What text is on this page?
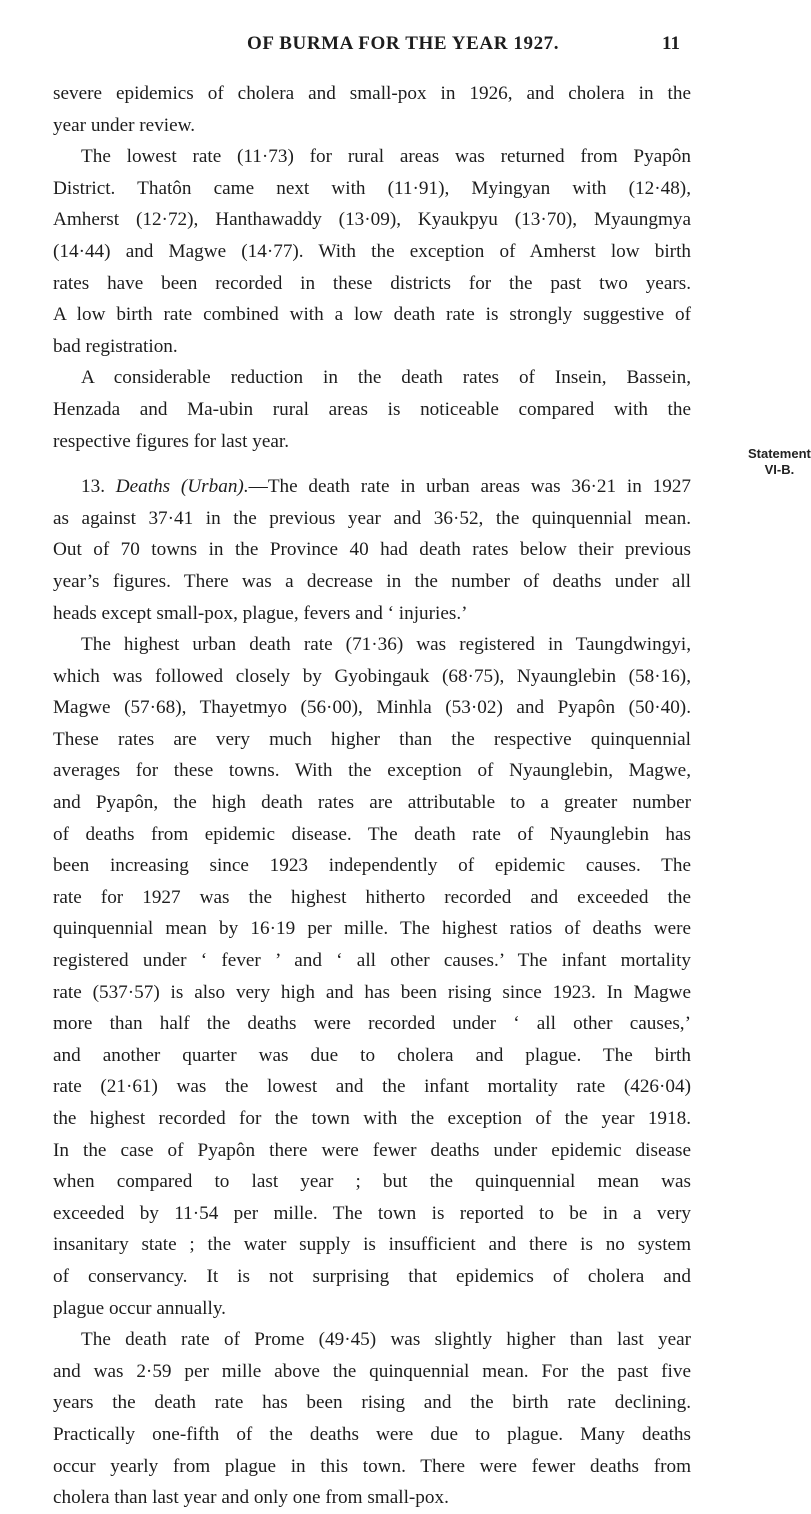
OF BURMA FOR THE YEAR 1927.	11
Statement
VI-B.
severe epidemics of cholera and small-pox in 1926, and cholera in the
year under review.
The lowest rate (11·73) for rural areas was returned from Pyapôn
District. Thatôn came next with (11·91), Myingyan with (12·48),
Amherst (12·72), Hanthawaddy (13·09), Kyaukpyu (13·70), Myaungmya
(14·44) and Magwe (14·77). With the exception of Amherst low birth
rates have been recorded in these districts for the past two years.
A low birth rate combined with a low death rate is strongly suggestive of
bad registration.
A considerable reduction in the death rates of Insein, Bassein,
Henzada and Ma-ubin rural areas is noticeable compared with the
respective figures for last year.
13. Deaths (Urban).—The death rate in urban areas was 36·21 in 1927
as against 37·41 in the previous year and 36·52, the quinquennial mean.
Out of 70 towns in the Province 40 had death rates below their previous
year’s figures. There was a decrease in the number of deaths under all
heads except small-pox, plague, fevers and ‘ injuries.’
The highest urban death rate (71·36) was registered in Taungdwingyi,
which was followed closely by Gyobingauk (68·75), Nyaunglebin (58·16),
Magwe (57·68), Thayetmyo (56·00), Minhla (53·02) and Pyapôn (50·40).
These rates are very much higher than the respective quinquennial
averages for these towns. With the exception of Nyaunglebin, Magwe,
and Pyapôn, the high death rates are attributable to a greater number
of deaths from epidemic disease. The death rate of Nyaunglebin has
been increasing since 1923 independently of epidemic causes. The
rate for 1927 was the highest hitherto recorded and exceeded the
quinquennial mean by 16·19 per mille. The highest ratios of deaths were
registered under ‘ fever ’ and ‘ all other causes.’ The infant mortality
rate (537·57) is also very high and has been rising since 1923. In Magwe
more than half the deaths were recorded under ‘ all other causes,’
and another quarter was due to cholera and plague. The birth
rate (21·61) was the lowest and the infant mortality rate (426·04)
the highest recorded for the town with the exception of the year 1918.
In the case of Pyapôn there were fewer deaths under epidemic disease
when compared to last year ; but the quinquennial mean was
exceeded by 11·54 per mille. The town is reported to be in a very
insanitary state ; the water supply is insufficient and there is no system
of conservancy. It is not surprising that epidemics of cholera and
plague occur annually.
The death rate of Prome (49·45) was slightly higher than last year
and was 2·59 per mille above the quinquennial mean. For the past five
years the death rate has been rising and the birth rate declining.
Practically one-fifth of the deaths were due to plague. Many deaths
occur yearly from plague in this town. There were fewer deaths from
cholera than last year and only one from small-pox.
